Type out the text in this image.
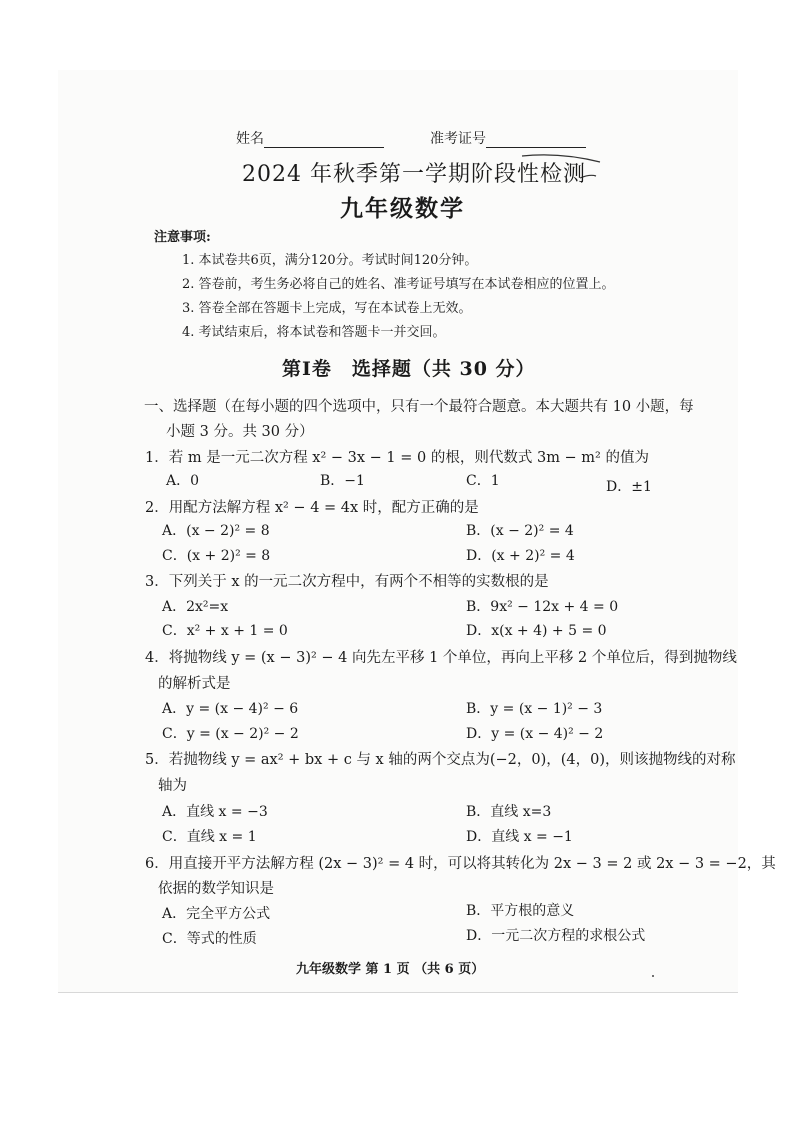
姓名	准考证号
2024 年秋季第一学期阶段性检测
九年级数学
注意事项:
1. 本试卷共6页，满分120分。考试时间120分钟。
2. 答卷前，考生务必将自己的姓名、准考证号填写在本试卷相应的位置上。
3. 答卷全部在答题卡上完成，写在本试卷上无效。
4. 考试结束后，将本试卷和答题卡一并交回。
第Ⅰ卷　选择题（共 30 分）
一、选择题（在每小题的四个选项中，只有一个最符合题意。本大题共有 10 小题，每
小题 3 分。共 30 分）
1．若 m 是一元二次方程 x² − 3x − 1 = 0 的根，则代数式 3m − m² 的值为
A．0	B．−1	C．1	D．±1
2．用配方法解方程 x² − 4 = 4x 时，配方正确的是
A．(x − 2)² = 8	B．(x − 2)² = 4
C．(x + 2)² = 8	D．(x + 2)² = 4
3．下列关于 x 的一元二次方程中，有两个不相等的实数根的是
A．2x²=x	B．9x² − 12x + 4 = 0
C．x² + x + 1 = 0	D．x(x + 4) + 5 = 0
4．将抛物线 y = (x − 3)² − 4 向先左平移 1 个单位，再向上平移 2 个单位后，得到抛物线
的解析式是
A．y = (x − 4)² − 6	B．y = (x − 1)² − 3
C．y = (x − 2)² − 2	D．y = (x − 4)² − 2
5．若抛物线 y = ax² + bx + c 与 x 轴的两个交点为(−2，0)，(4，0)，则该抛物线的对称
轴为
A．直线 x = −3	B．直线 x=3
C．直线 x = 1	D．直线 x = −1
6．用直接开平方法解方程 (2x − 3)² = 4 时，可以将其转化为 2x − 3 = 2 或 2x − 3 = −2，其
依据的数学知识是
A．完全平方公式	B．平方根的意义
C．等式的性质	D．一元二次方程的求根公式
九年级数学 第 1 页 （共 6 页）
